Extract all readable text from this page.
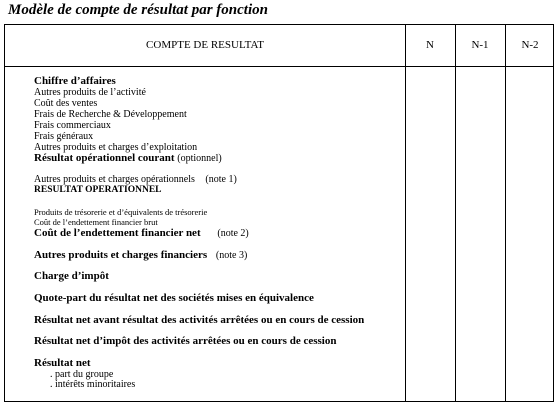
Modèle de compte de résultat par fonction
COMPTE DE RESULTAT	N	N-1	N-2
Chiffre d’affaires
Autres produits de l’activité
Coût des ventes
Frais de Recherche & Développement
Frais commerciaux
Frais généraux
Autres produits et charges d’exploitation
Résultat opérationnel courant (optionnel)
Autres produits et charges opérationnels (note 1)
RESULTAT OPERATIONNEL
Produits de trésorerie et d’équivalents de trésorerie
Coût de l’endettement financier brut
Coût de l’endettement financier net (note 2)
Autres produits et charges financiers (note 3)
Charge d’impôt
Quote-part du résultat net des sociétés mises en équivalence
Résultat net avant résultat des activités arrêtées ou en cours de cession
Résultat net d’impôt des activités arrêtées ou en cours de cession
Résultat net
. part du groupe
. intérêts minoritaires
